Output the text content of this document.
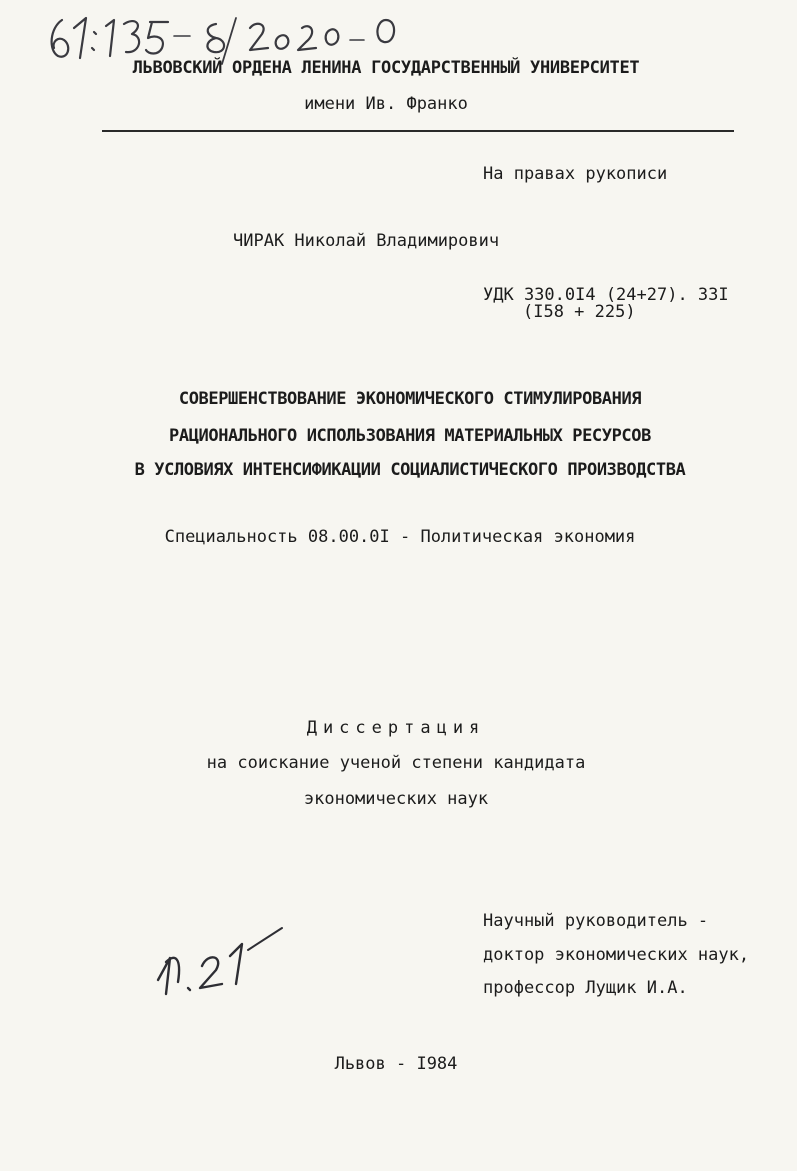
ЛЬВОВСКИЙ ОРДЕНА ЛЕНИНА ГОСУДАРСТВЕННЫЙ УНИВЕРСИТЕТ

имени Ив. Франко

На правах рукописи

ЧИРАК Николай Владимирович

УДК 330.0I4 (24+27). 33I

(I58 + 225)

СОВЕРШЕНСТВОВАНИЕ ЭКОНОМИЧЕСКОГО СТИМУЛИРОВАНИЯ

РАЦИОНАЛЬНОГО ИСПОЛЬЗОВАНИЯ МАТЕРИАЛЬНЫХ РЕСУРСОВ

В УСЛОВИЯХ ИНТЕНСИФИКАЦИИ СОЦИАЛИСТИЧЕСКОГО ПРОИЗВОДСТВА

Специальность 08.00.0I - Политическая экономия

Диссертация

на соискание ученой степени кандидата

экономических наук

Научный руководитель -

доктор экономических наук,

профессор Лущик И.А.

Львов - I984
